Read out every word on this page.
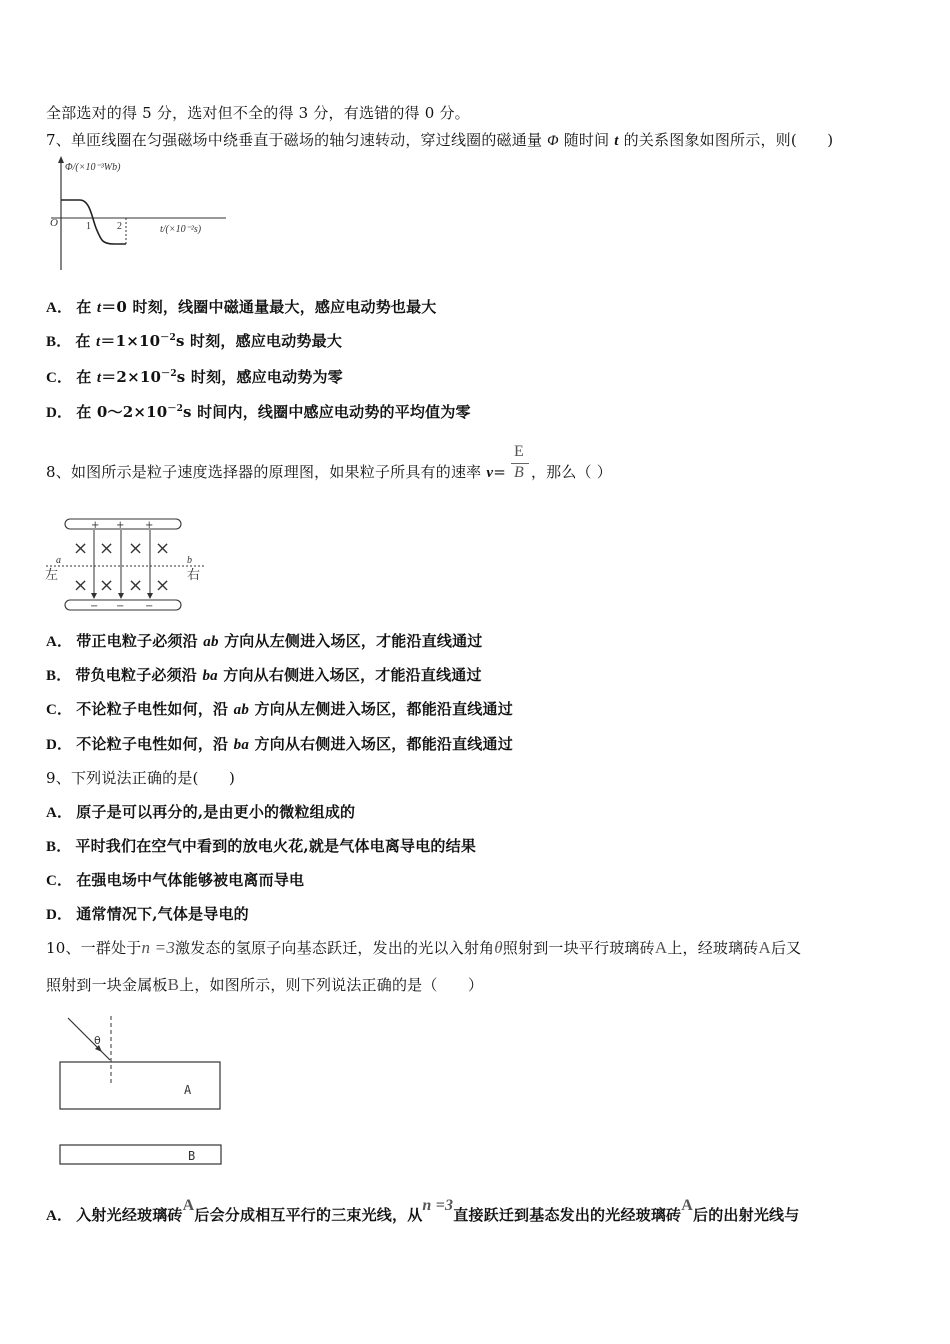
全部选对的得 5 分，选对但不全的得 3 分，有选错的得 0 分。
7、单匝线圈在匀强磁场中绕垂直于磁场的轴匀速转动，穿过线圈的磁通量 Φ 随时间 t 的关系图象如图所示，则(　　)
Φ/(×10⁻³Wb)
O	1	2	t/(×10⁻²s)
A． 在 t＝0 时刻，线圈中磁通量最大，感应电动势也最大
B． 在 $t=1\times 10^{-2}s$ 时刻，感应电动势最大
C． 在 $t=2\times 10^{-2}s$ 时刻，感应电动势为零
D． 在 $0\sim 2\times 10^{-2}s$ 时间内，线圈中感应电动势的平均值为零
8、如图所示是粒子速度选择器的原理图，如果粒子所具有的速率 $v= \frac{E}{B}$ ，那么（ ）
+ + +
− − −
× × × ×
× × × ×
a	b
左	右
A． 带正电粒子必须沿 ab 方向从左侧进入场区，才能沿直线通过
B． 带负电粒子必须沿 ba 方向从右侧进入场区，才能沿直线通过
C． 不论粒子电性如何，沿 ab 方向从左侧进入场区，都能沿直线通过
D． 不论粒子电性如何，沿 ba 方向从右侧进入场区，都能沿直线通过
9、下列说法正确的是(　　)
A． 原子是可以再分的,是由更小的微粒组成的
B． 平时我们在空气中看到的放电火花,就是气体电离导电的结果
C． 在强电场中气体能够被电离而导电
D． 通常情况下,气体是导电的
10、一群处于n =3激发态的氢原子向基态跃迁，发出的光以入射角θ照射到一块平行玻璃砖A上，经玻璃砖A后又
照射到一块金属板B上，如图所示，则下列说法正确的是（　　）
θ
A
B
A． 入射光经玻璃砖A后会分成相互平行的三束光线，从n =3直接跃迁到基态发出的光经玻璃砖A后的出射光线与
